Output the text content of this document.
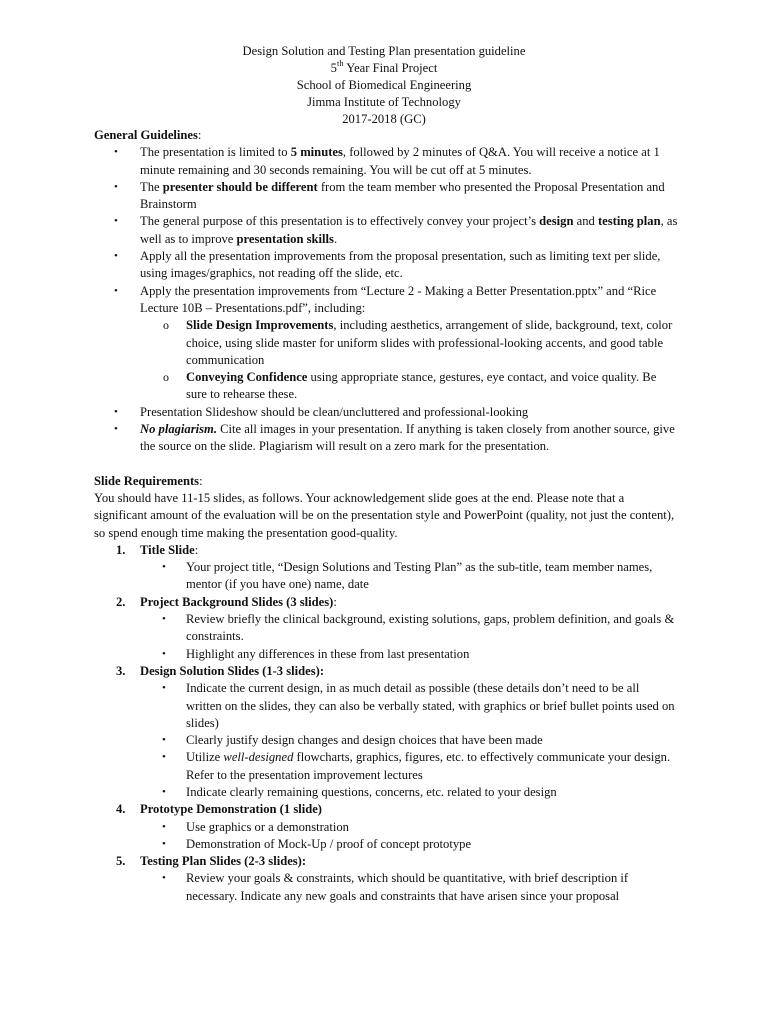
Design Solution and Testing Plan presentation guideline
5th Year Final Project
School of Biomedical Engineering
Jimma Institute of Technology
2017-2018 (GC)
General Guidelines:
• The presentation is limited to 5 minutes, followed by 2 minutes of Q&A. You will receive a notice at 1 minute remaining and 30 seconds remaining. You will be cut off at 5 minutes.
• The presenter should be different from the team member who presented the Proposal Presentation and Brainstorm
• The general purpose of this presentation is to effectively convey your project’s design and testing plan, as well as to improve presentation skills.
• Apply all the presentation improvements from the proposal presentation, such as limiting text per slide, using images/graphics, not reading off the slide, etc.
• Apply the presentation improvements from “Lecture 2 - Making a Better Presentation.pptx” and “Rice Lecture 10B – Presentations.pdf”, including:
o Slide Design Improvements, including aesthetics, arrangement of slide, background, text, color choice, using slide master for uniform slides with professional-looking accents, and good table communication
o Conveying Confidence using appropriate stance, gestures, eye contact, and voice quality. Be sure to rehearse these.
• Presentation Slideshow should be clean/uncluttered and professional-looking
• No plagiarism. Cite all images in your presentation. If anything is taken closely from another source, give the source on the slide. Plagiarism will result on a zero mark for the presentation.
Slide Requirements:
You should have 11-15 slides, as follows. Your acknowledgement slide goes at the end. Please note that a significant amount of the evaluation will be on the presentation style and PowerPoint (quality, not just the content), so spend enough time making the presentation good-quality.
1. Title Slide:
• Your project title, “Design Solutions and Testing Plan” as the sub-title, team member names, mentor (if you have one) name, date
2. Project Background Slides (3 slides):
• Review briefly the clinical background, existing solutions, gaps, problem definition, and goals & constraints.
• Highlight any differences in these from last presentation
3. Design Solution Slides (1-3 slides):
• Indicate the current design, in as much detail as possible (these details don’t need to be all written on the slides, they can also be verbally stated, with graphics or brief bullet points used on slides)
• Clearly justify design changes and design choices that have been made
• Utilize well-designed flowcharts, graphics, figures, etc. to effectively communicate your design. Refer to the presentation improvement lectures
• Indicate clearly remaining questions, concerns, etc. related to your design
4. Prototype Demonstration (1 slide)
• Use graphics or a demonstration
• Demonstration of Mock-Up / proof of concept prototype
5. Testing Plan Slides (2-3 slides):
• Review your goals & constraints, which should be quantitative, with brief description if necessary. Indicate any new goals and constraints that have arisen since your proposal
